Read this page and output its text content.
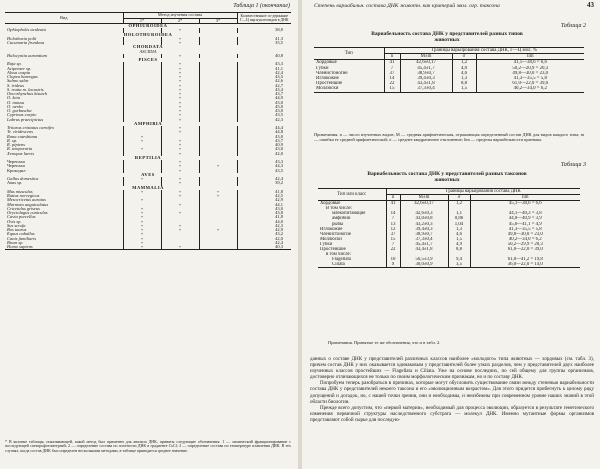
Таблица 1 (окончание)
Вид	Метод изучения состава			Количественное со-держание Г—Ц пар нуклеотидов в ДНК
	1*	2*	3*	
OPHIUROIDEA				
Ophiopholis aculeata		+		38,0
HOLOTHUROIDEA				
Holothuria polii		+		41,3
Cucumaria frondosa		+		35,5
CHORDATA				
ASCIDIA				
Halocyntia aurantium		+		40,8
PISCES				
Raja sp.		+		43,3
Acipenser sp.		+		41,1
Alosa caspia		+		42,4
Clupea harengus		+		43,5
Salmo salar		+		42,6
S. irideus		+		42,7
S. trutta m. lacustris		+		43,4
Oncorhynchus kisutch		+		43,7
O. keta		+		44,9
O. masou		+		43,0
O. nerka		+		45,0
O. gorbuscha		+		43,0
Cyprinus carpio		+		43,5
Labrus praecipictus		+		42,3
AMPHIBIA				
Triturus cristatus carnifex		+		44,4
Tr. viridescens		+		44,8
Rana catesbiana	+			43,0
R. sp.	+	+		43,7
R. pipiens		+		40,9
R. temporaria	+	+		43,0
Xenopus laevis		+		42,0
REPTILIA				
Черепаха		+		43,3
Черепаха		+	+	44,3
Крокодил		+		43,5
AVES				
Gallus domestica	+	+		42,4
Anas sp.		+		39,2
MAMMALIA				
Mus musculus	+	+	+	41,8
Rattus norvegicus		+	+	42,5
Mesocricetus auratus	+			42,9
Marmotа unguiculatus		+		44,1
Cricetulus griseus	+			43,0
Oryctolagus cuniculus	+	+		43,8
Cavia porcellus	+			41,8
Ovis sp.	+			44,0
Sus scrofa	+	+		42,3
Bos taurus	+	+	+	42,9
Equus caballus	+			43,2
Canis familiaris	+			42,0
Bison sp.	+			42,4
Homo sapiens	+	+		40,3
* В колонке таблицы, показывающей, какой метод был применен для анализа ДНК, приняты следующие обозначения: 1 — химический фракционирование с последующей спектрофотометрией; 2 — определение состава по плотности ДНК в градиенте CsCl; 3 — определение состава по температуре плавления ДНК. В тех случаях, когда состав ДНК был определен несколькими методами, в таблице приводится среднее значение.
Степень вариабильн. состава ДНК животн. как критерий эвол. огр. таксона	43
Таблица 2
Вариабельность состава ДНК у представителей разных типов животных
Тип	Границы варьирования состава ДНК, Г—Ц мол. %			
	n	M±m	σ	lim
Хордовые	41	42,6±0,17	1,2	41,1—38,6 = 6,6
Губки	7	45,4±1,7	4,0	50,2—20,9 = 20,3
Членистоногие	37	38,9±0,7	4,6	49,8—30,0 = 23,0
Иглокожие	14	39,4±0,3	1,3	41,3—35,5 = 5,8
Простейшие	22	43,4±1,8	8,8	61,0—22,0 = 39,0
Моллюски	15	37,3±0,4	1,5	40,2—34,0 = 6,2
Примечания. n — число изученных видов; M — средняя арифметическая, отражающая определенный состав ДНК для видов каждого типа; m — ошибка ее средней арифметической; σ — среднее квадратичное отклонение; lim — пределы вариабельности признака.
Таблица 3
Вариабельность состава ДНК у представителей разных таксонов животных
Тип или класс	Границы варьирования состава ДНК			
	n	M±m	σ	lim
Хордовые	41	42,6±0,17	1,2	45,1—38,6 = 6,6
В том числе:				
млекопитающие	14	42,6±0,3	1,1	44,1—40,3 = 3,8
амфибии	7	43,0±0,8	0,86	44,8—40,9 = 3,9
рыбы	13	43,2±0,3	1,04	45,0—41,1 = 4,9
Иглокожие	12	39,4±0,3	1,3	41,3—35,5 = 5,8
Членистоногие	37	38,9±0,7	4,6	49,8—30,0 = 23,0
Моллюски	15	37,3±0,4	1,5	40,2—34,0 = 6,2
Губки	7	45,4±1,7	4,9	50,2—29,9 = 20,3
Простейшие	22	43,4±1,8	8,8	61,0—22,0 = 39,0
в том числе:				
Flagellata	10	56,5±3,9	9,4	61,0—41,2 = 19,8
Ciliata	9	30,0±0,9	3,5	36,0—22,0 = 14,0
Примечания. Принятые те же обозначения, что и в табл. 2.

данных о составе ДНК у представителей различных классов наиболее «молодого» типа животных — хордовых (см. табл. 3), причем состав ДНК у них оказывается одинаковым у представителей более узких разделов, чем у представителей двух наиболее изученных классов простейших — Flagellata и Ciliata. Уже на основе последних, по сей общему для группы организмов, достоверно отличающихся не только по своим морфологическим признакам, но и по составу ДНК.

Попробуем теперь разобраться в причинах, которые могут обусловить существование связи между степенью вариабельности состава ДНК у представителей некоего таксона и его «эволюционным возрастом». Для этого придется прибегнуть к целому ряду допущений и догадок, но, с нашей точки зрения, они и необходимы, и неизбежны при современном уровне наших знаний в этой области биологии.

Прежде всего допустим, что «первой материи», необходимый для процесса эволюции, образуется в результате генетического изменения первичной структуры наследственного субстрата — молекул ДНК. Именно мутантные формы организмов представляют собой сырье для последую-
